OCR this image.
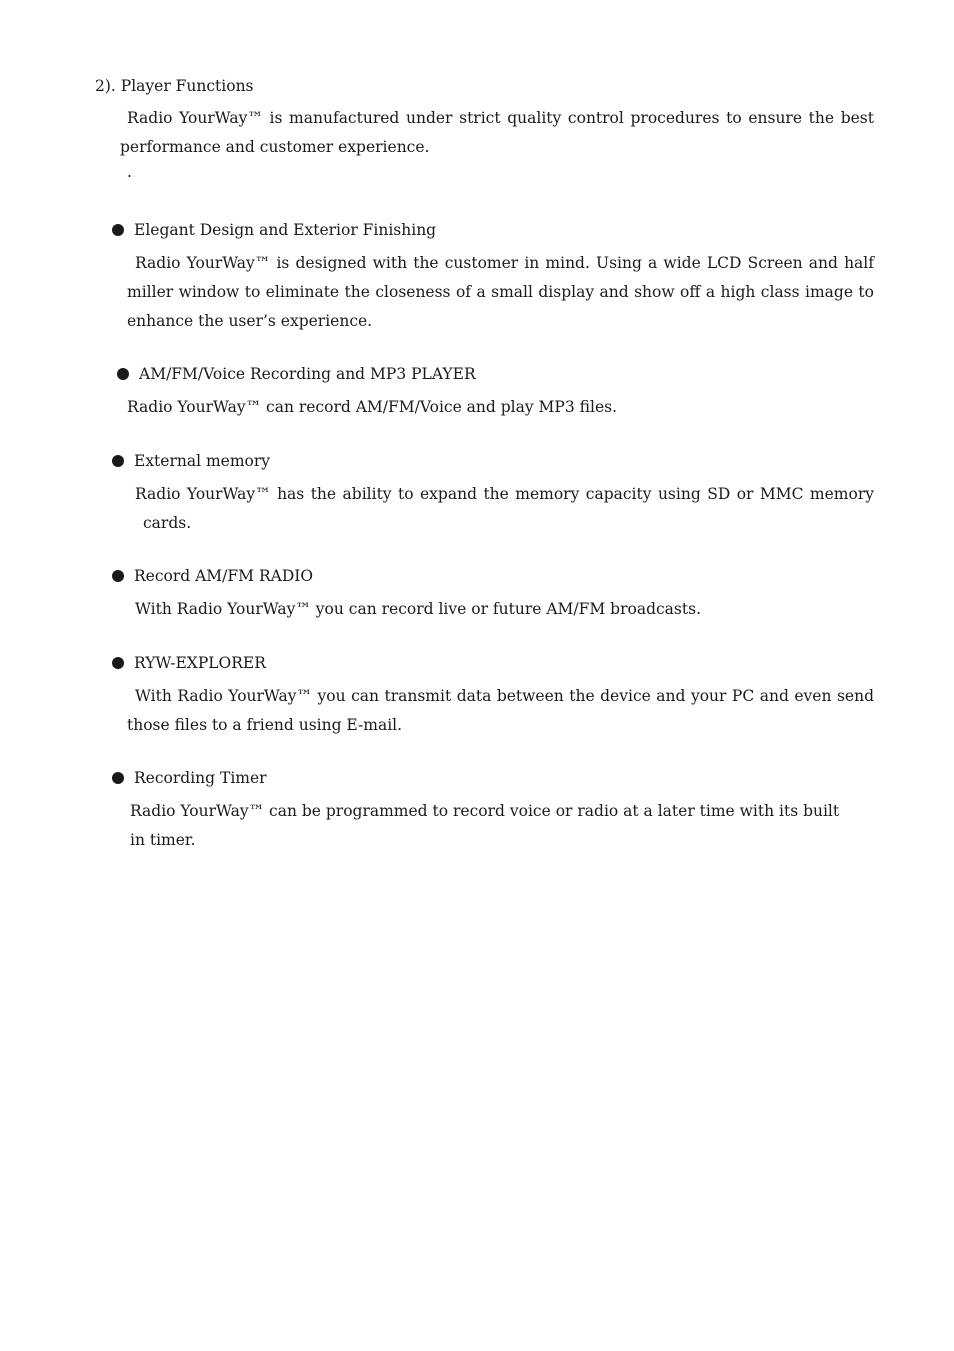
2). Player Functions

Radio YourWay™ is manufactured under strict quality control procedures to ensure the best

performance and customer experience.

.
Elegant Design and Exterior Finishing

Radio YourWay™ is designed with the customer in mind. Using a wide LCD Screen and half miller window to eliminate the closeness of a small display and show off a high class image to enhance the user’s experience.

AM/FM/Voice Recording and MP3 PLAYER

Radio YourWay™ can record AM/FM/Voice and play MP3 files.

External memory

Radio YourWay™ has the ability to expand the memory capacity using SD or MMC memory cards.

Record AM/FM RADIO

With Radio YourWay™ you can record live or future AM/FM broadcasts.

RYW-EXPLORER

With Radio YourWay™ you can transmit data between the device and your PC and even send those files to a friend using E-mail.

Recording Timer

Radio YourWay™ can be programmed to record voice or radio at a later time with its built in timer.
